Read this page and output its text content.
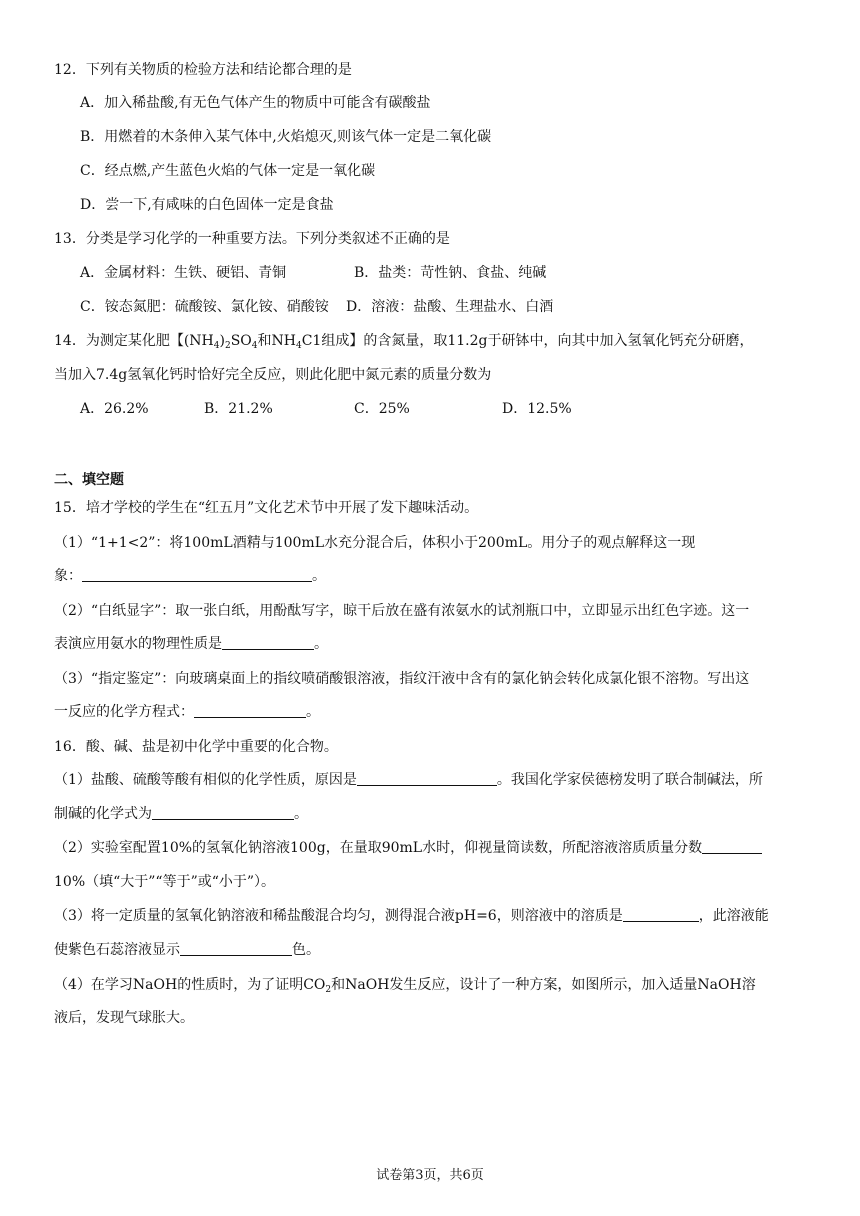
12．下列有关物质的检验方法和结论都合理的是
A．加入稀盐酸,有无色气体产生的物质中可能含有碳酸盐
B．用燃着的木条伸入某气体中,火焰熄灭,则该气体一定是二氧化碳
C．经点燃,产生蓝色火焰的气体一定是一氧化碳
D．尝一下,有咸味的白色固体一定是食盐
13．分类是学习化学的一种重要方法。下列分类叙述不正确的是
A．金属材料：生铁、硬铝、青铜	B．盐类：苛性钠、食盐、纯碱
C．铵态氮肥：硫酸铵、氯化铵、硝酸铵 D．溶液：盐酸、生理盐水、白酒
14．为测定某化肥【$(NH_4)_2SO_4$和$NH_4C1$组成】的含氮量，取11.2g于研钵中，向其中加入氢氧化钙充分研磨，
当加入7.4g氢氧化钙时恰好完全反应，则此化肥中氮元素的质量分数为
A．26.2%	B．21.2%	C．25%	D．12.5%
二、填空题
15．培才学校的学生在“红五月”文化艺术节中开展了发下趣味活动。
（1）“1+1<2”：将100mL酒精与100mL水充分混合后，体积小于200mL。用分子的观点解释这一现
象：	。
（2）“白纸显字”：取一张白纸，用酚酞写字，晾干后放在盛有浓氨水的试剂瓶口中，立即显示出红色字迹。这一
表演应用氨水的物理性质是	。
（3）“指定鉴定”：向玻璃桌面上的指纹喷硝酸银溶液，指纹汗液中含有的氯化钠会转化成氯化银不溶物。写出这
一反应的化学方程式：	。
16．酸、碱、盐是初中化学中重要的化合物。
（1）盐酸、硫酸等酸有相似的化学性质，原因是	。我国化学家侯德榜发明了联合制碱法，所
制碱的化学式为	。
（2）实验室配置10%的氢氧化钠溶液100g，在量取90mL水时，仰视量筒读数，所配溶液溶质质量分数
10%（填“大于”“等于”或“小于”）。
（3）将一定质量的氢氧化钠溶液和稀盐酸混合均匀，测得混合液pH=6，则溶液中的溶质是	，此溶液能
使紫色石蕊溶液显示	色。
（4）在学习NaOH的性质时，为了证明$CO_2$和NaOH发生反应，设计了一种方案，如图所示，加入适量NaOH溶
液后，发现气球胀大。
试卷第3页，共6页
